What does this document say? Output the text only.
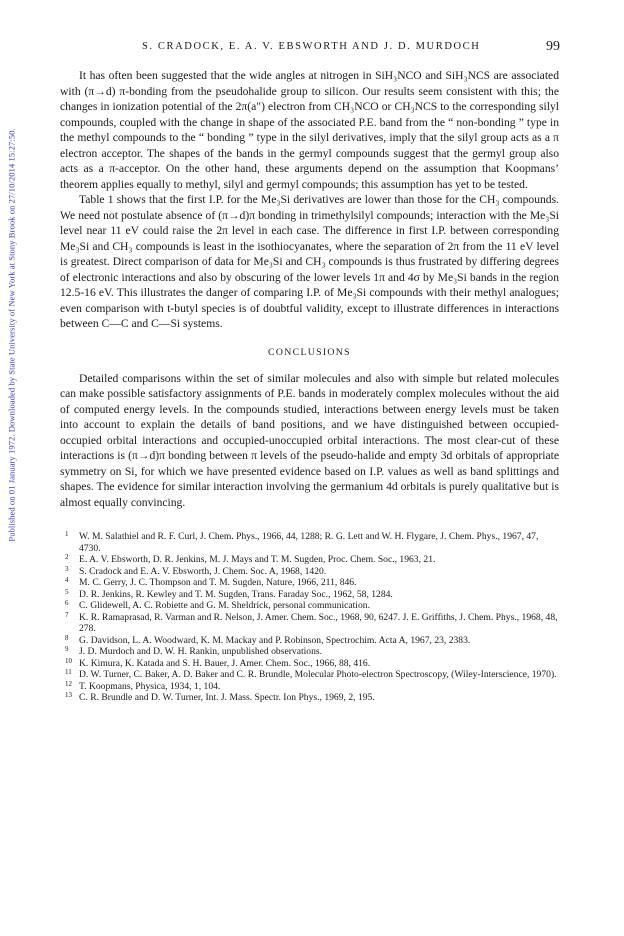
Published on 01 January 1972. Downloaded by State University of New York at Stony Brook on 27/10/2014 15:27:50.
S. CRADOCK, E. A. V. EBSWORTH AND J. D. MURDOCH	99

It has often been suggested that the wide angles at nitrogen in SiH₃NCO and SiH₃NCS are associated with (π→d) π-bonding from the pseudohalide group to silicon. Our results seem consistent with this; the changes in ionization potential of the 2π(a″) electron from CH₃NCO or CH₃NCS to the corresponding silyl compounds, coupled with the change in shape of the associated P.E. band from the “ non-bonding ” type in the methyl compounds to the “ bonding ” type in the silyl derivatives, imply that the silyl group acts as a π electron acceptor. The shapes of the bands in the germyl compounds suggest that the germyl group also acts as a π-acceptor. On the other hand, these arguments depend on the assumption that Koopmans’ theorem applies equally to methyl, silyl and germyl compounds; this assumption has yet to be tested.

Table 1 shows that the first I.P. for the Me₃Si derivatives are lower than those for the CH₃ compounds. We need not postulate absence of (π→d)π bonding in trimethylsilyl compounds; interaction with the Me₃Si level near 11 eV could raise the 2π level in each case. The difference in first I.P. between corresponding Me₃Si and CH₃ compounds is least in the isothiocyanates, where the separation of 2π from the 11 eV level is greatest. Direct comparison of data for Me₃Si and CH₃ compounds is thus frustrated by differing degrees of electronic interactions and also by obscuring of the lower levels 1π and 4σ by Me₃Si bands in the region 12.5-16 eV. This illustrates the danger of comparing I.P. of Me₃Si compounds with their methyl analogues; even comparison with t-butyl species is of doubtful validity, except to illustrate differences in interactions between C—C and C—Si systems.

CONCLUSIONS

Detailed comparisons within the set of similar molecules and also with simple but related molecules can make possible satisfactory assignments of P.E. bands in moderately complex molecules without the aid of computed energy levels. In the compounds studied, interactions between energy levels must be taken into account to explain the details of band positions, and we have distinguished between occupied-occupied orbital interactions and occupied-unoccupied orbital interactions. The most clear-cut of these interactions is (π→d)π bonding between π levels of the pseudo-halide and empty 3d orbitals of appropriate symmetry on Si, for which we have presented evidence based on I.P. values as well as band splittings and shapes. The evidence for similar interaction involving the germanium 4d orbitals is purely qualitative but is almost equally convincing.

1 W. M. Salathiel and R. F. Curl, J. Chem. Phys., 1966, 44, 1288; R. G. Lett and W. H. Flygare, J. Chem. Phys., 1967, 47, 4730.
2 E. A. V. Ebsworth, D. R. Jenkins, M. J. Mays and T. M. Sugden, Proc. Chem. Soc., 1963, 21.
3 S. Cradock and E. A. V. Ebsworth, J. Chem. Soc. A, 1968, 1420.
4 M. C. Gerry, J. C. Thompson and T. M. Sugden, Nature, 1966, 211, 846.
5 D. R. Jenkins, R. Kewley and T. M. Sugden, Trans. Faraday Soc., 1962, 58, 1284.
6 C. Glidewell, A. C. Robiette and G. M. Sheldrick, personal communication.
7 K. R. Ramaprasad, R. Varman and R. Nelson, J. Amer. Chem. Soc., 1968, 90, 6247. J. E. Griffiths, J. Chem. Phys., 1968, 48, 278.
8 G. Davidson, L. A. Woodward, K. M. Mackay and P. Robinson, Spectrochim. Acta A, 1967, 23, 2383.
9 J. D. Murdoch and D. W. H. Rankin, unpublished observations.
10 K. Kimura, K. Katada and S. H. Bauer, J. Amer. Chem. Soc., 1966, 88, 416.
11 D. W. Turner, C. Baker, A. D. Baker and C. R. Brundle, Molecular Photo-electron Spectroscopy, (Wiley-Interscience, 1970).
12 T. Koopmans, Physica, 1934, 1, 104.
13 C. R. Brundle and D. W. Turner, Int. J. Mass. Spectr. Ion Phys., 1969, 2, 195.
